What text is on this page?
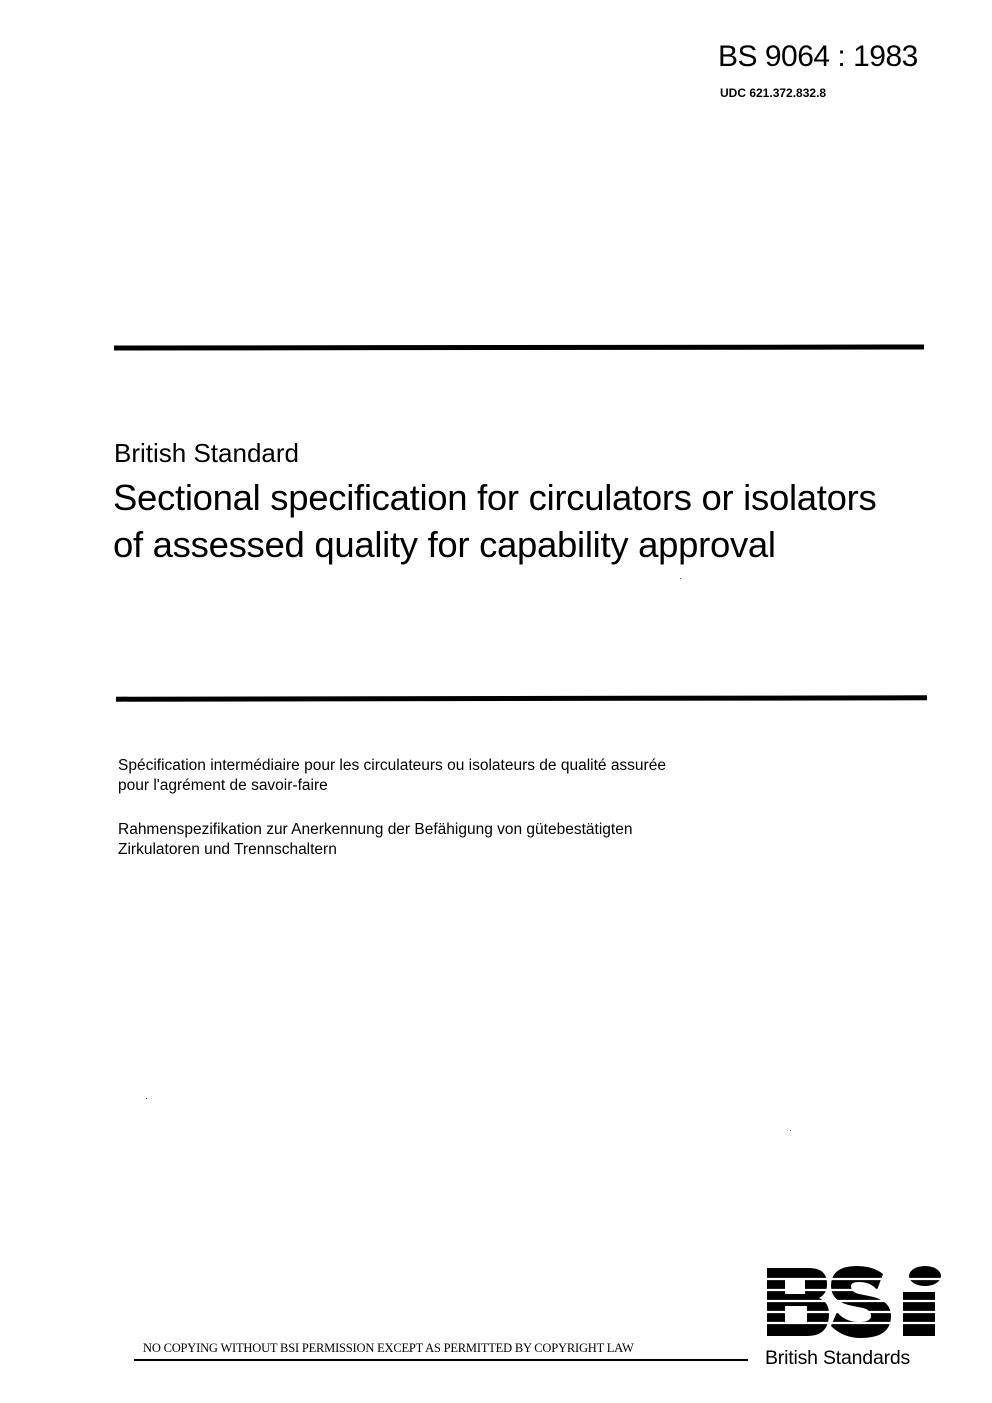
BS 9064 : 1983
UDC 621.372.832.8
British Standard
Sectional specification for circulators or isolators
of assessed quality for capability approval
Spécification intermédiaire pour les circulateurs ou isolateurs de qualité assurée
pour l'agrément de savoir-faire
Rahmenspezifikation zur Anerkennung der Befähigung von gütebestätigten
Zirkulatoren und Trennschaltern
NO COPYING WITHOUT BSI PERMISSION EXCEPT AS PERMITTED BY COPYRIGHT LAW	British Standards
